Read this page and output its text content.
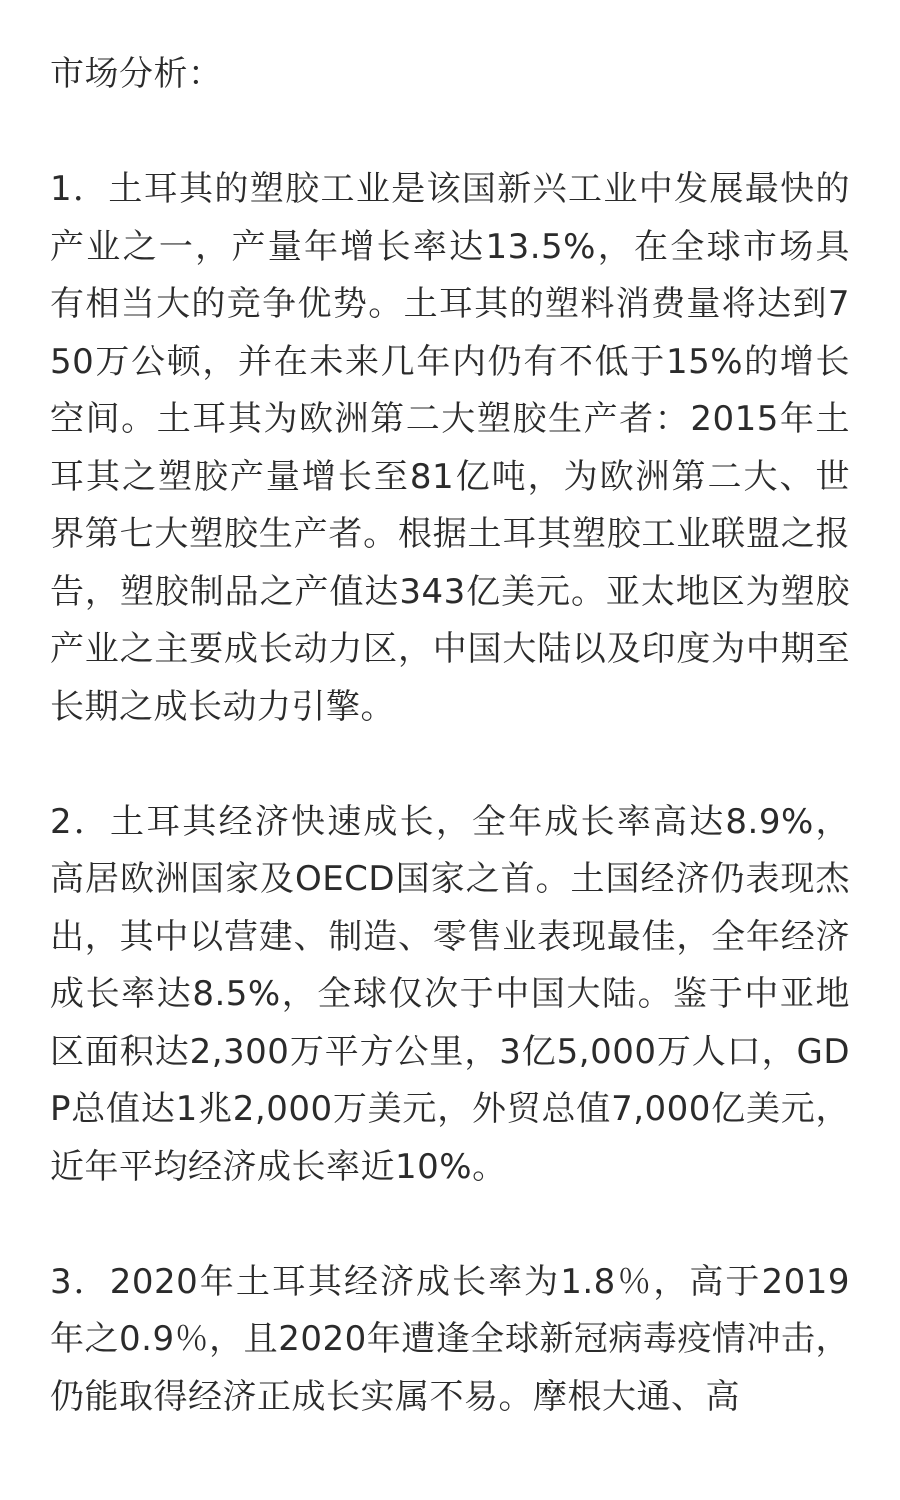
市场分析：

1．土耳其的塑胶工业是该国新兴工业中发展最快的产业之一，产量年增长率达13.5%，在全球市场具有相当大的竞争优势。土耳其的塑料消费量将达到750万公顿，并在未来几年内仍有不低于15%的增长空间。土耳其为欧洲第二大塑胶生产者：2015年土耳其之塑胶产量增长至81亿吨，为欧洲第二大、世界第七大塑胶生产者。根据土耳其塑胶工业联盟之报告，塑胶制品之产值达343亿美元。亚太地区为塑胶产业之主要成长动力区，中国大陆以及印度为中期至长期之成长动力引擎。

2．土耳其经济快速成长，全年成长率高达8.9%，高居欧洲国家及OECD国家之首。土国经济仍表现杰出，其中以营建、制造、零售业表现最佳，全年经济成长率达8.5%，全球仅次于中国大陆。鉴于中亚地区面积达2,300万平方公里，3亿5,000万人口，GDP总值达1兆2,000万美元，外贸总值7,000亿美元，近年平均经济成长率近10%。

3．2020年土耳其经济成长率为1.8％，高于2019年之0.9％，且2020年遭逢全球新冠病毒疫情冲击，仍能取得经济正成长实属不易。摩根大通、高
